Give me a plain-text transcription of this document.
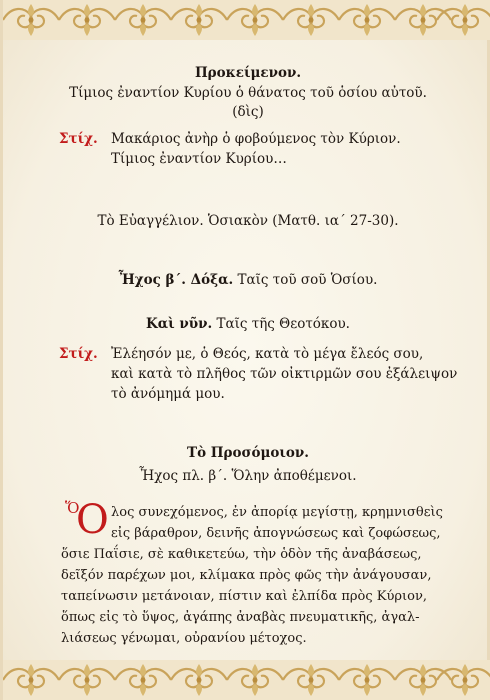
Προκείμενον.
Τίμιος ἐναντίον Κυρίου ὁ θάνατος τοῦ ὁσίου αὐτοῦ.
(δὶς)
Στίχ. Μακάριος ἀνὴρ ὁ φοβούμενος τὸν Κύριον.
Τίμιος ἐναντίον Κυρίου…
Τὸ Εὐαγγέλιον. Ὁσιακὸν (Ματθ. ια΄ 27-30).
Ἦχος β΄. Δόξα. Ταῖς τοῦ σοῦ Ὁσίου.
Καὶ νῦν. Ταῖς τῆς Θεοτόκου.
Στίχ. Ἐλέησόν με, ὁ Θεός, κατὰ τὸ μέγα ἔλεός σου,
καὶ κατὰ τὸ πλῆθος τῶν οἰκτιρμῶν σου ἐξάλειψον
τὸ ἀνόμημά μου.
Τὸ Προσόμοιον.
Ἦχος πλ. β΄. Ὅλην ἀποθέμενοι.
Ὅ
O λος συνεχόμενος, ἐν ἀπορίᾳ μεγίστῃ, κρημνισθεὶς
εἰς βάραθρον, δεινῆς ἀπογνώσεως καὶ ζοφώσεως,
ὅσιε Παΐσιε, σὲ καθικετεύω, τὴν ὁδὸν τῆς ἀναβάσεως,
δεῖξόν παρέχων μοι, κλίμακα πρὸς φῶς τὴν ἀνάγουσαν,
ταπείνωσιν μετάνοιαν, πίστιν καὶ ἐλπίδα πρὸς Κύριον,
ὅπως εἰς τὸ ὕψος, ἀγάπης ἀναβὰς πνευματικῆς, ἀγαλ-
λιάσεως γένωμαι, οὐρανίου μέτοχος.
